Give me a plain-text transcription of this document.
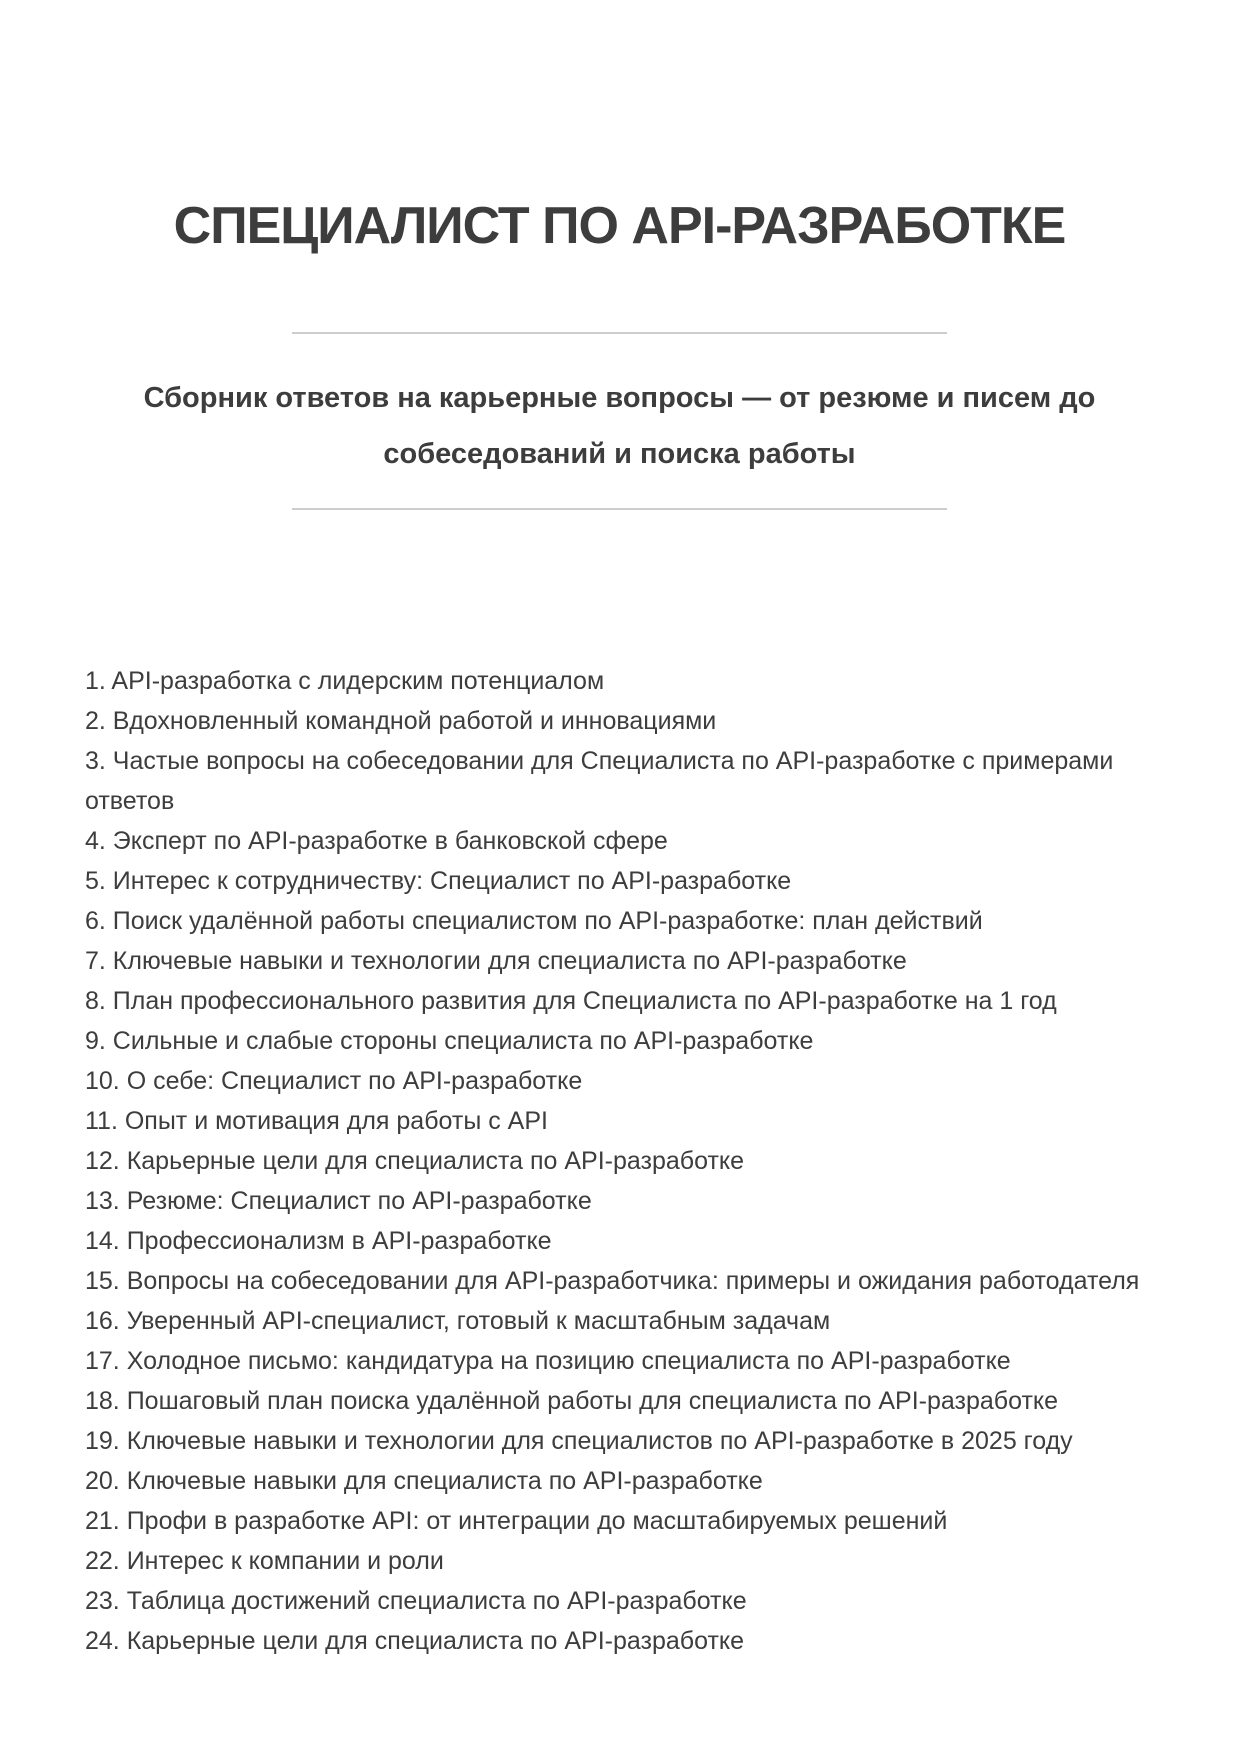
СПЕЦИАЛИСТ ПО API-РАЗРАБОТКЕ
Сборник ответов на карьерные вопросы — от резюме и писем до собеседований и поиска работы

1. API-разработка с лидерским потенциалом

2. Вдохновленный командной работой и инновациями

3. Частые вопросы на собеседовании для Специалиста по API-разработке с примерами ответов

4. Эксперт по API-разработке в банковской сфере

5. Интерес к сотрудничеству: Специалист по API-разработке

6. Поиск удалённой работы специалистом по API-разработке: план действий

7. Ключевые навыки и технологии для специалиста по API-разработке

8. План профессионального развития для Специалиста по API-разработке на 1 год

9. Сильные и слабые стороны специалиста по API-разработке

10. О себе: Специалист по API-разработке

11. Опыт и мотивация для работы с API

12. Карьерные цели для специалиста по API-разработке

13. Резюме: Специалист по API-разработке

14. Профессионализм в API-разработке

15. Вопросы на собеседовании для API-разработчика: примеры и ожидания работодателя

16. Уверенный API-специалист, готовый к масштабным задачам

17. Холодное письмо: кандидатура на позицию специалиста по API-разработке

18. Пошаговый план поиска удалённой работы для специалиста по API-разработке

19. Ключевые навыки и технологии для специалистов по API-разработке в 2025 году

20. Ключевые навыки для специалиста по API-разработке

21. Профи в разработке API: от интеграции до масштабируемых решений

22. Интерес к компании и роли

23. Таблица достижений специалиста по API-разработке

24. Карьерные цели для специалиста по API-разработке
